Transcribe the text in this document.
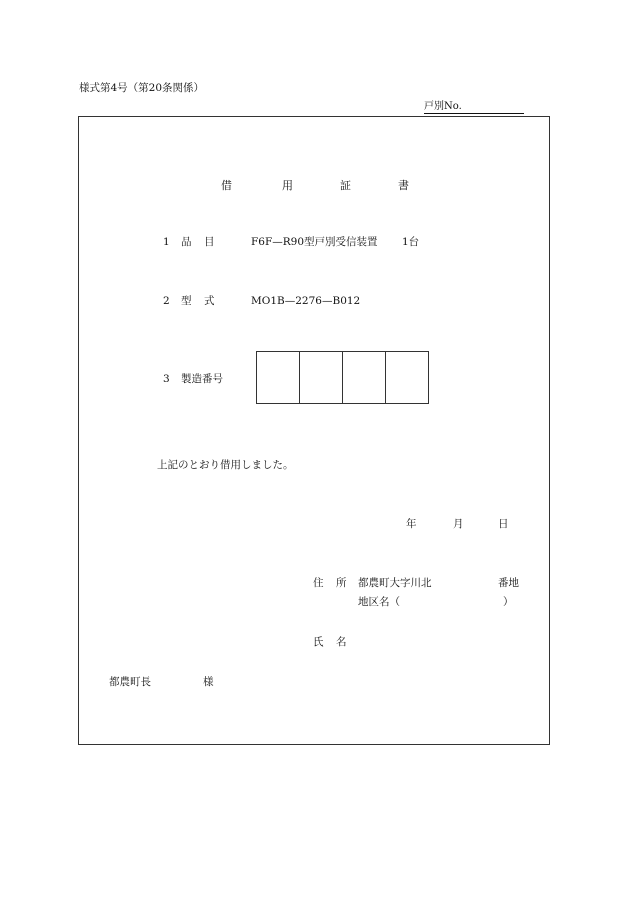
様式第4号（第20条関係）
戸別No.
借	用	証	書
1 品 目	F6F—R90型戸別受信装置 1台
2 型 式	MO1B—2276—B012
3 製造番号
上記のとおり借用しました。
年	月	日
住 所 都農町大字川北	番地
地区名（	）
氏 名
都農町長	様
